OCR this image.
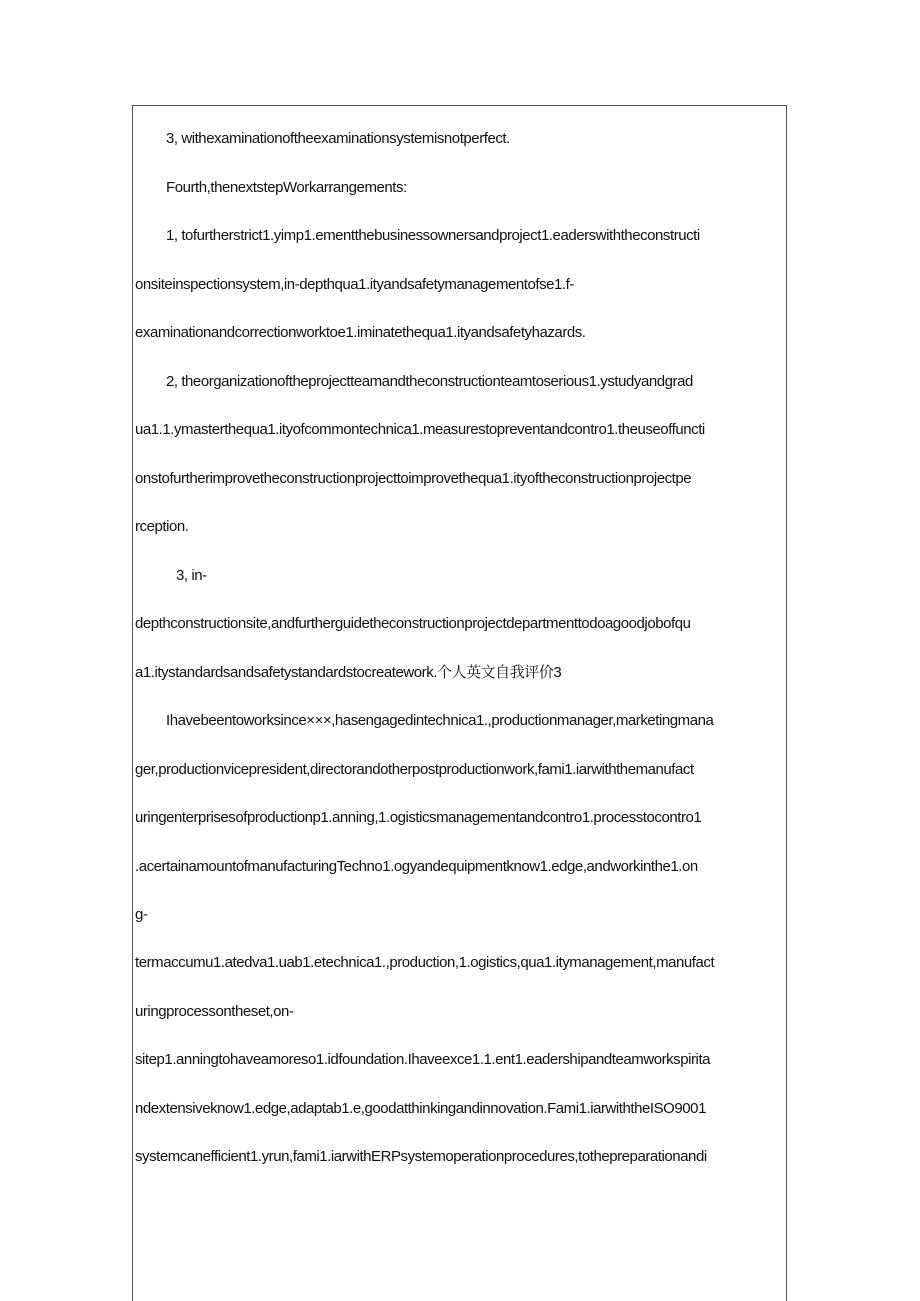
3, withexaminationoftheexaminationsystemisnotperfect.
Fourth,thenextstepWorkarrangements:
1, tofurtherstrict1.yimp1.ementthebusinessownersandproject1.eaderswiththeconstructi
onsiteinspectionsystem,in-depthqua1.ityandsafetymanagementofse1.f-
examinationandcorrectionworktoe1.iminatethequa1.ityandsafetyhazards.
2, theorganizationoftheprojectteamandtheconstructionteamtoserious1.ystudyandgrad
ua1.1.ymasterthequa1.ityofcommontechnica1.measurestopreventandcontro1.theuseoffuncti
onstofurtherimprovetheconstructionprojecttoimprovethequa1.ityoftheconstructionprojectpe
rception.
3, in-
depthconstructionsite,andfurtherguidetheconstructionprojectdepartmenttodoagoodjobofqu
a1.itystandardsandsafetystandardstocreatework.个人英文自我评价3
Ihavebeentoworksince×××,hasengagedintechnica1.,productionmanager,marketingmana
ger,productionvicepresident,directorandotherpostproductionwork,fami1.iarwiththemanufact
uringenterprisesofproductionp1.anning,1.ogisticsmanagementandcontro1.processtocontro1
.acertainamountofmanufacturingTechno1.ogyandequipmentknow1.edge,andworkinthe1.on
g-
termaccumu1.atedva1.uab1.etechnica1.,production,1.ogistics,qua1.itymanagement,manufact
uringprocessontheset,on-
sitep1.anningtohaveamoreso1.idfoundation.Ihaveexce1.1.ent1.eadershipandteamworkspirita
ndextensiveknow1.edge,adaptab1.e,goodatthinkingandinnovation.Fami1.iarwiththeISO9001
systemcanefficient1.yrun,fami1.iarwithERPsystemoperationprocedures,tothepreparationandi
